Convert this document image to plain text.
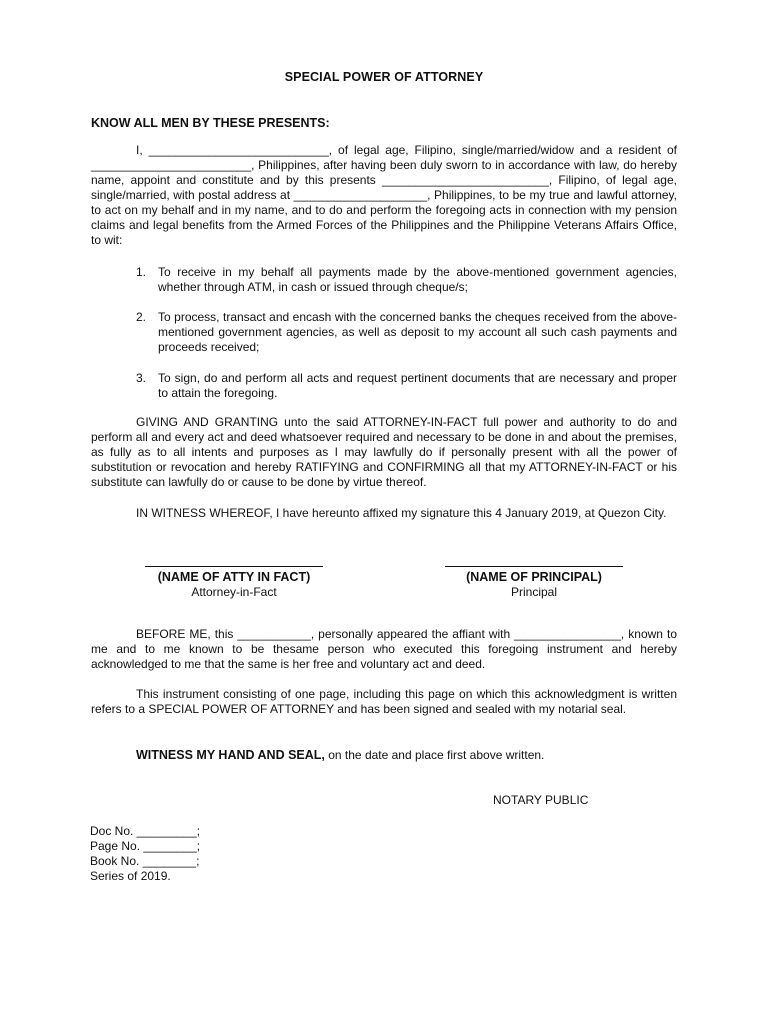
SPECIAL POWER OF ATTORNEY
KNOW ALL MEN BY THESE PRESENTS:

I, ___________________________, of legal age, Filipino, single/married/widow and a resident of ________________________, Philippines, after having been duly sworn to in accordance with law, do hereby name, appoint and constitute and by this presents _________________________, Filipino, of legal age, single/married, with postal address at ____________________, Philippines, to be my true and lawful attorney, to act on my behalf and in my name, and to do and perform the foregoing acts in connection with my pension claims and legal benefits from the Armed Forces of the Philippines and the Philippine Veterans Affairs Office, to wit:

1. To receive in my behalf all payments made by the above-mentioned government agencies, whether through ATM, in cash or issued through cheque/s;
2. To process, transact and encash with the concerned banks the cheques received from the above-mentioned government agencies, as well as deposit to my account all such cash payments and proceeds received;
3. To sign, do and perform all acts and request pertinent documents that are necessary and proper to attain the foregoing.

GIVING AND GRANTING unto the said ATTORNEY-IN-FACT full power and authority to do and perform all and every act and deed whatsoever required and necessary to be done in and about the premises, as fully as to all intents and purposes as I may lawfully do if personally present with all the power of substitution or revocation and hereby RATIFYING and CONFIRMING all that my ATTORNEY-IN-FACT or his substitute can lawfully do or cause to be done by virtue thereof.

IN WITNESS WHEREOF, I have hereunto affixed my signature this 4 January 2019, at Quezon City.

(NAME OF ATTY IN FACT)
Attorney-in-Fact
(NAME OF PRINCIPAL)
Principal

BEFORE ME, this ___________, personally appeared the affiant with ________________, known to me and to me known to be thesame person who executed this foregoing instrument and hereby acknowledged to me that the same is her free and voluntary act and deed.

This instrument consisting of one page, including this page on which this acknowledgment is written refers to a SPECIAL POWER OF ATTORNEY and has been signed and sealed with my notarial seal.

WITNESS MY HAND AND SEAL, on the date and place first above written.
NOTARY PUBLIC
Doc No. _________;
Page No. ________;
Book No. ________;
Series of 2019.
